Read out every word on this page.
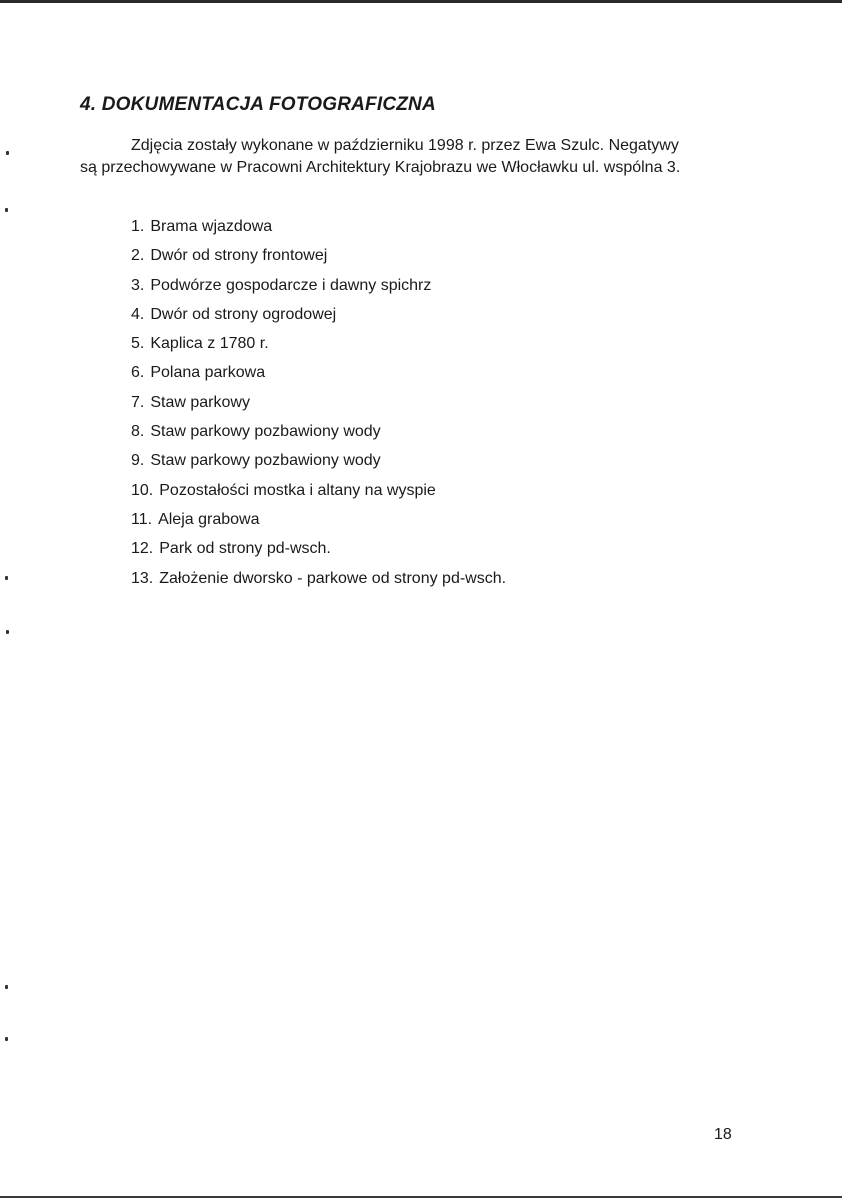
4. DOKUMENTACJA FOTOGRAFICZNA

Zdjęcia zostały wykonane w październiku 1998 r. przez Ewa Szulc. Negatywy
są przechowywane w Pracowni Architektury Krajobrazu we Włocławku ul. wspólna 3.

1. Brama wjazdowa
2. Dwór od strony frontowej
3. Podwórze gospodarcze i dawny spichrz
4. Dwór od strony ogrodowej
5. Kaplica z 1780 r.
6. Polana parkowa
7. Staw parkowy
8. Staw parkowy pozbawiony wody
9. Staw parkowy pozbawiony wody
10. Pozostałości mostka i altany na wyspie
11. Aleja grabowa
12. Park od strony pd-wsch.
13. Założenie dworsko - parkowe od strony pd-wsch.
18
